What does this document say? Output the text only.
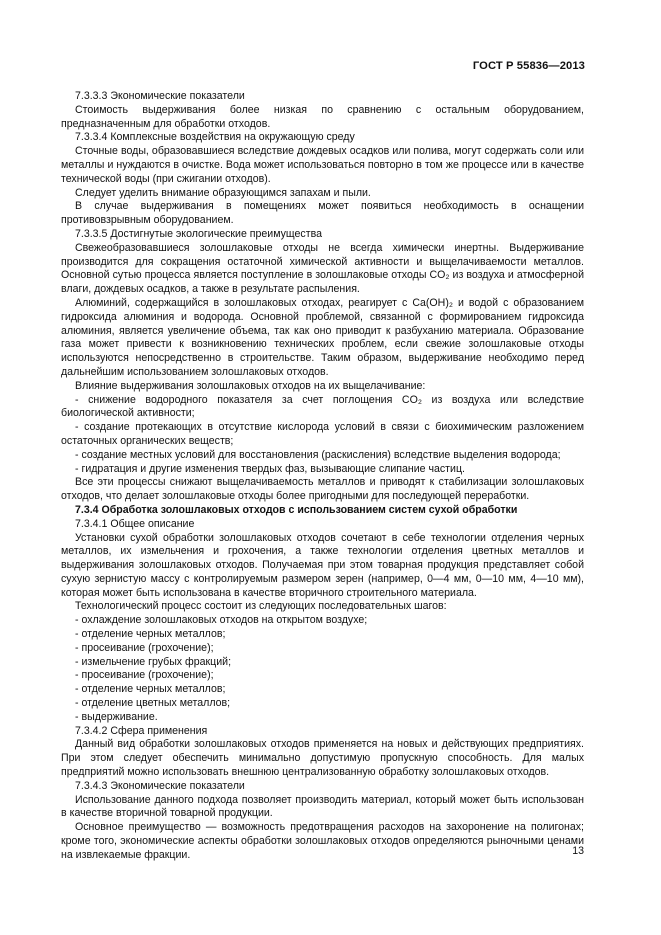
ГОСТ Р 55836—2013

7.3.3.3 Экономические показатели

Стоимость выдерживания более низкая по сравнению с остальным оборудованием, предназначенным для обработки отходов.

7.3.3.4 Комплексные воздействия на окружающую среду

Сточные воды, образовавшиеся вследствие дождевых осадков или полива, могут содержать соли или металлы и нуждаются в очистке. Вода может использоваться повторно в том же процессе или в качестве технической воды (при сжигании отходов).

Следует уделить внимание образующимся запахам и пыли.

В случае выдерживания в помещениях может появиться необходимость в оснащении противовзрывным оборудованием.

7.3.3.5 Достигнутые экологические преимущества

Свежеобразовавшиеся золошлаковые отходы не всегда химически инертны. Выдерживание производится для сокращения остаточной химической активности и выщелачиваемости металлов. Основной сутью процесса является поступление в золошлаковые отходы CO₂ из воздуха и атмосферной влаги, дождевых осадков, а также в результате распыления.

Алюминий, содержащийся в золошлаковых отходах, реагирует с Ca(OH)₂ и водой с образованием гидроксида алюминия и водорода. Основной проблемой, связанной с формированием гидроксида алюминия, является увеличение объема, так как оно приводит к разбуханию материала. Образование газа может привести к возникновению технических проблем, если свежие золошлаковые отходы используются непосредственно в строительстве. Таким образом, выдерживание необходимо перед дальнейшим использованием золошлаковых отходов.

Влияние выдерживания золошлаковых отходов на их выщелачивание:

- снижение водородного показателя за счет поглощения CO₂ из воздуха или вследствие биологической активности;

- создание протекающих в отсутствие кислорода условий в связи с биохимическим разложением остаточных органических веществ;

- создание местных условий для восстановления (раскисления) вследствие выделения водорода;

- гидратация и другие изменения твердых фаз, вызывающие слипание частиц.

Все эти процессы снижают выщелачиваемость металлов и приводят к стабилизации золошлаковых отходов, что делает золошлаковые отходы более пригодными для последующей переработки.

7.3.4 Обработка золошлаковых отходов с использованием систем сухой обработки

7.3.4.1 Общее описание

Установки сухой обработки золошлаковых отходов сочетают в себе технологии отделения черных металлов, их измельчения и грохочения, а также технологии отделения цветных металлов и выдерживания золошлаковых отходов. Получаемая при этом товарная продукция представляет собой сухую зернистую массу с контролируемым размером зерен (например, 0—4 мм, 0—10 мм, 4—10 мм), которая может быть использована в качестве вторичного строительного материала.

Технологический процесс состоит из следующих последовательных шагов:

- охлаждение золошлаковых отходов на открытом воздухе;

- отделение черных металлов;

- просеивание (грохочение);

- измельчение грубых фракций;

- просеивание (грохочение);

- отделение черных металлов;

- отделение цветных металлов;

- выдерживание.

7.3.4.2 Сфера применения

Данный вид обработки золошлаковых отходов применяется на новых и действующих предприятиях. При этом следует обеспечить минимально допустимую пропускную способность. Для малых предприятий можно использовать внешнюю централизованную обработку золошлаковых отходов.

7.3.4.3 Экономические показатели

Использование данного подхода позволяет производить материал, который может быть использован в качестве вторичной товарной продукции.

Основное преимущество — возможность предотвращения расходов на захоронение на полигонах; кроме того, экономические аспекты обработки золошлаковых отходов определяются рыночными ценами на извлекаемые фракции.	13
